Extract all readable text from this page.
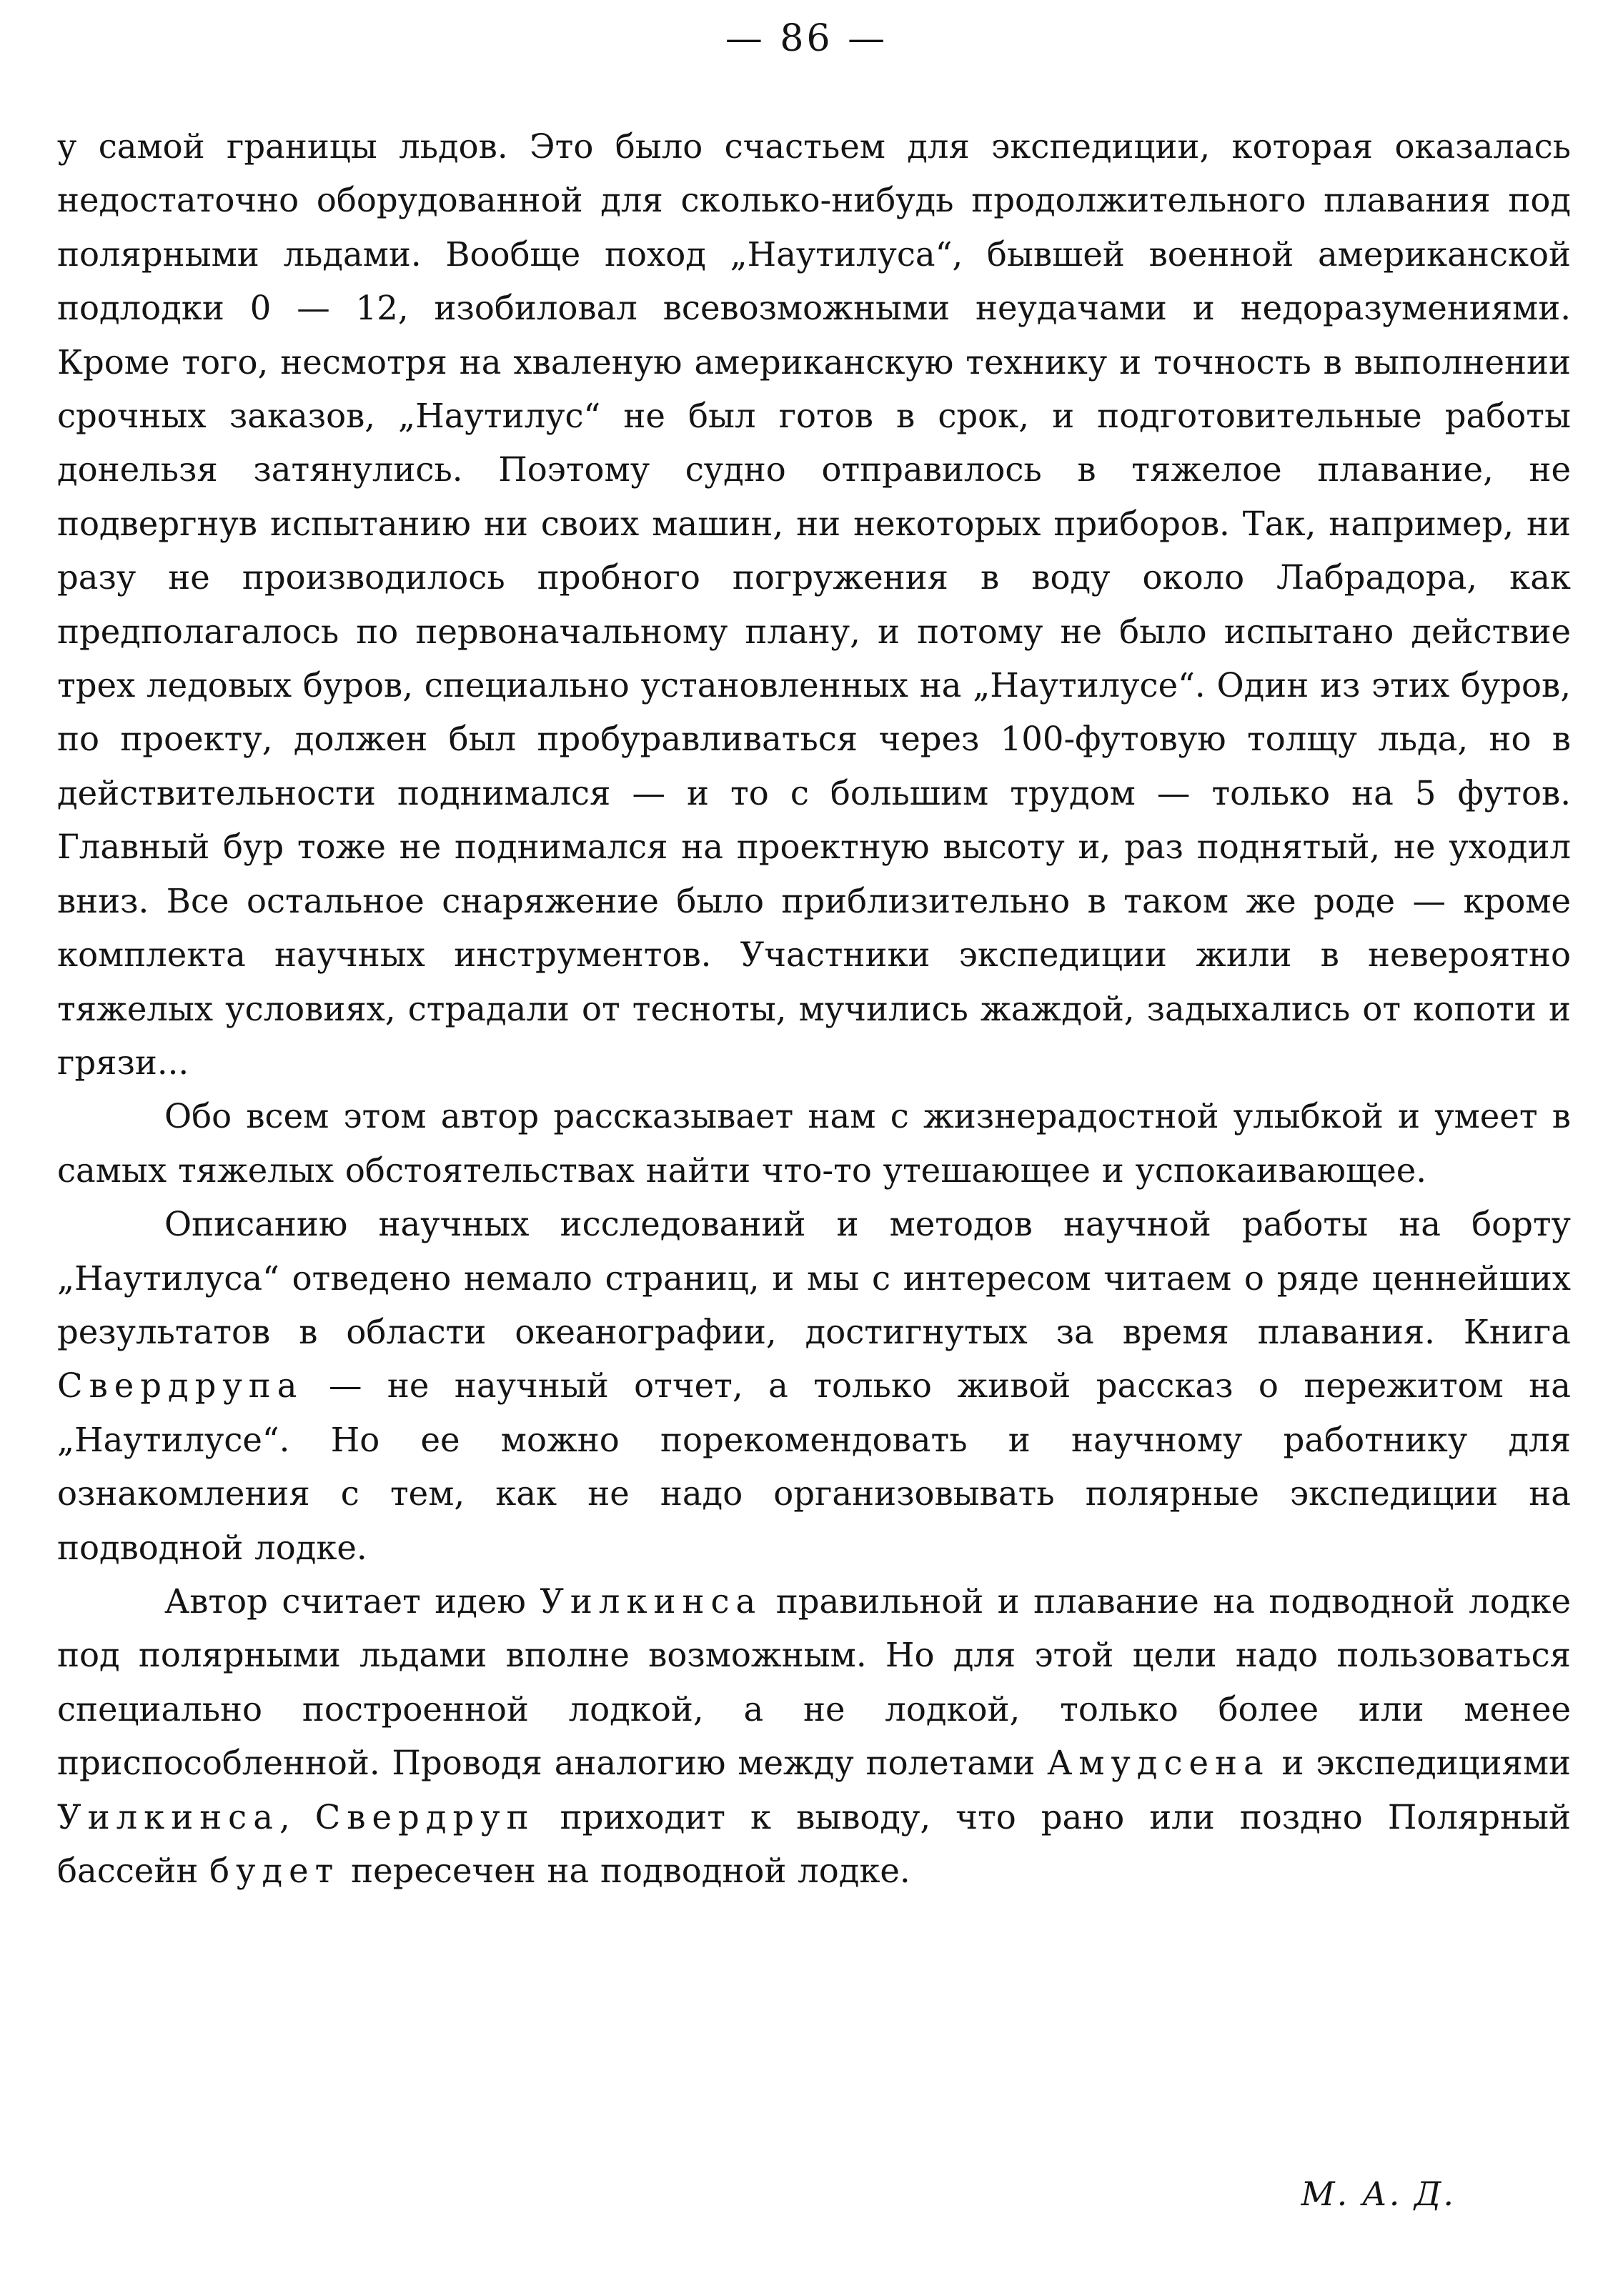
— 86 —

у самой границы льдов. Это было счастьем для экспедиции, которая оказалась недостаточно оборудованной для сколько-нибудь продолжительного плавания под полярными льдами. Вообще поход „Наутилуса“, бывшей военной американской подлодки 0 — 12, изобиловал всевозможными неудачами и недоразумениями. Кроме того, несмотря на хваленую американскую технику и точность в выполнении срочных заказов, „Наутилус“ не был готов в срок, и подготовительные работы донельзя затянулись. Поэтому судно отправилось в тяжелое плавание, не подвергнув испытанию ни своих машин, ни некоторых приборов. Так, например, ни разу не производилось пробного погружения в воду около Лабрадора, как предполагалось по первоначальному плану, и потому не было испытано действие трех ледовых буров, специально установленных на „Наутилусе“. Один из этих буров, по проекту, должен был пробуравливаться через 100-футовую толщу льда, но в действительности поднимался — и то с большим трудом — только на 5 футов. Главный бур тоже не поднимался на проектную высоту и, раз поднятый, не уходил вниз. Все остальное снаряжение было приблизительно в таком же роде — кроме комплекта научных инструментов. Участники экспедиции жили в невероятно тяжелых условиях, страдали от тесноты, мучились жаждой, задыхались от копоти и грязи...

Обо всем этом автор рассказывает нам с жизнерадостной улыбкой и умеет в самых тяжелых обстоятельствах найти что-то утешающее и успокаивающее.

Описанию научных исследований и методов научной работы на борту „Наутилуса“ отведено немало страниц, и мы с интересом читаем о ряде ценнейших результатов в области океанографии, достигнутых за время плавания. Книга Свердрупа — не научный отчет, а только живой рассказ о пережитом на „Наутилусе“. Но ее можно порекомендовать и научному работнику для ознакомления с тем, как не надо организовывать полярные экспедиции на подводной лодке.

Автор считает идею Уилкинса правильной и плавание на подводной лодке под полярными льдами вполне возможным. Но для этой цели надо пользоваться специально построенной лодкой, а не лодкой, только более или менее приспособленной. Проводя аналогию между полетами Амудсена и экспедициями Уилкинса, Свердруп приходит к выводу, что рано или поздно Полярный бассейн будет пересечен на подводной лодке.

М. А. Д.
